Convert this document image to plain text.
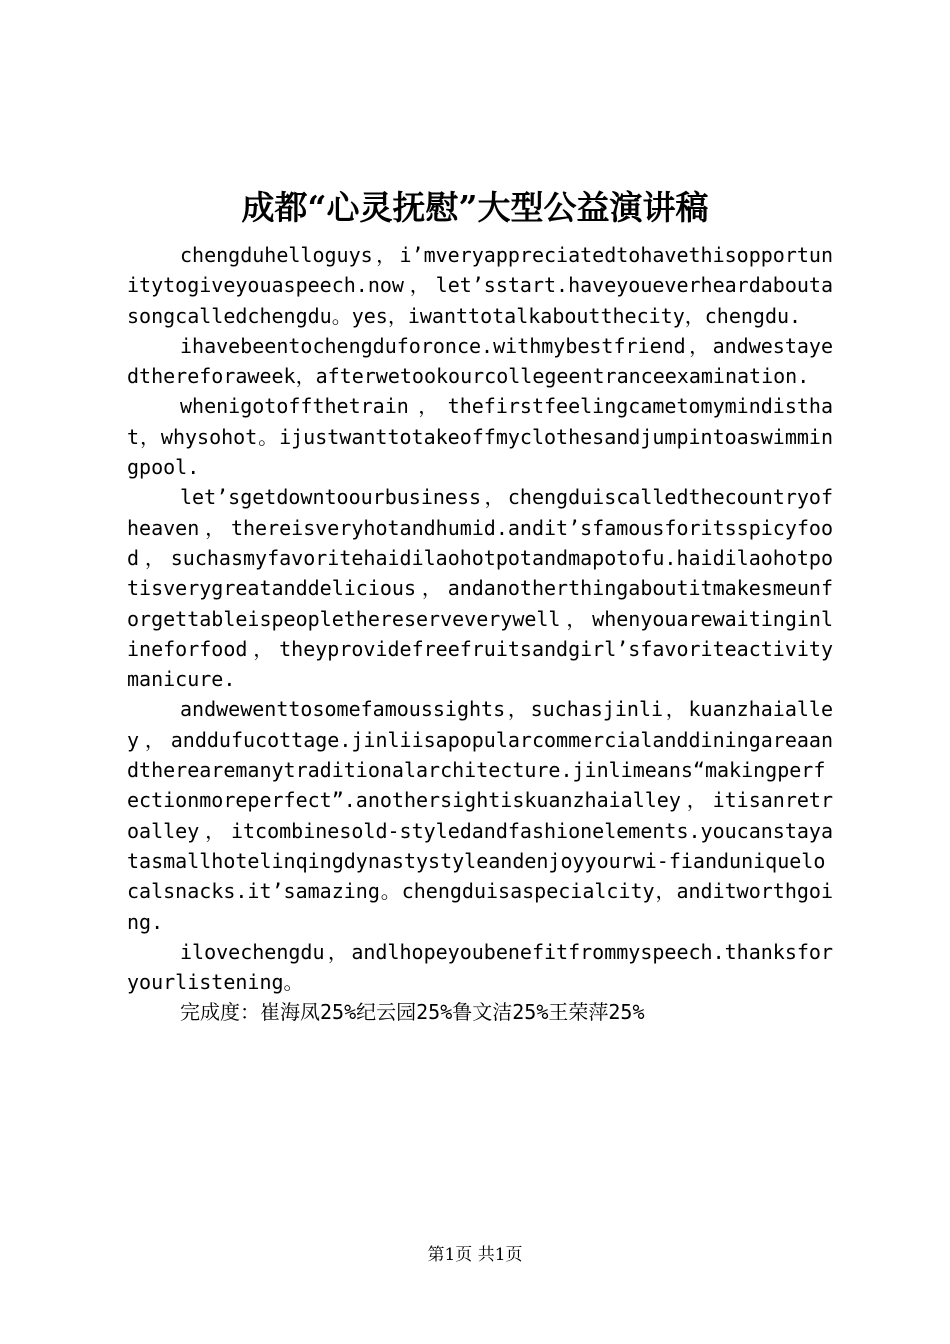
成都“心灵抚慰”大型公益演讲稿

chengduhelloguys，i’mveryappreciatedtohavethisopportunitytogiveyouaspeech.now，let’sstart.haveyoueverheardaboutasongcalledchengdu。yes，iwanttotalkaboutthecity，chengdu.

ihavebeentochengduforonce.withmybestfriend，andwestayedthereforaweek，afterwetookourcollegeentranceexamination.

whenigotoffthetrain，thefirstfeelingcametomymindisthat，whysohot。ijustwanttotakeoffmyclothesandjumpintoaswimmingpool.

let’sgetdowntoourbusiness，chengduiscalledthecountryofheaven，thereisveryhotandhumid.andit’sfamousforitsspicyfood，suchasmyfavoritehaidilaohotpotandmapotofu.haidilaohotpotisverygreatanddelicious，andanotherthingaboutitmakesmeunforgettableispeoplethereserveverywell，whenyouarewaitinginlineforfood，theyprovidefreefruitsandgirl’sfavoriteactivitymanicure.

andwewenttosomefamoussights，suchasjinli，kuanzhaialley，anddufucottage.jinliisapopularcommercialanddiningareaandtherearemanytraditionalarchitecture.jinlimeans“makingperfectionmoreperfect”.anothersightiskuanzhaialley，itisanretroalley，itcombinesold-styledandfashionelements.youcanstayatasmallhotelinqingdynastystyleandenjoyyourwi-fianduniquelocalsnacks.it’samazing。chengduisaspecialcity，anditworthgoing.

ilovechengdu，andlhopeyoubenefitfrommyspeech.thanksforyourlistening。

完成度：崔海凤25%纪云园25%鲁文洁25%王荣萍25%

第1页 共1页
